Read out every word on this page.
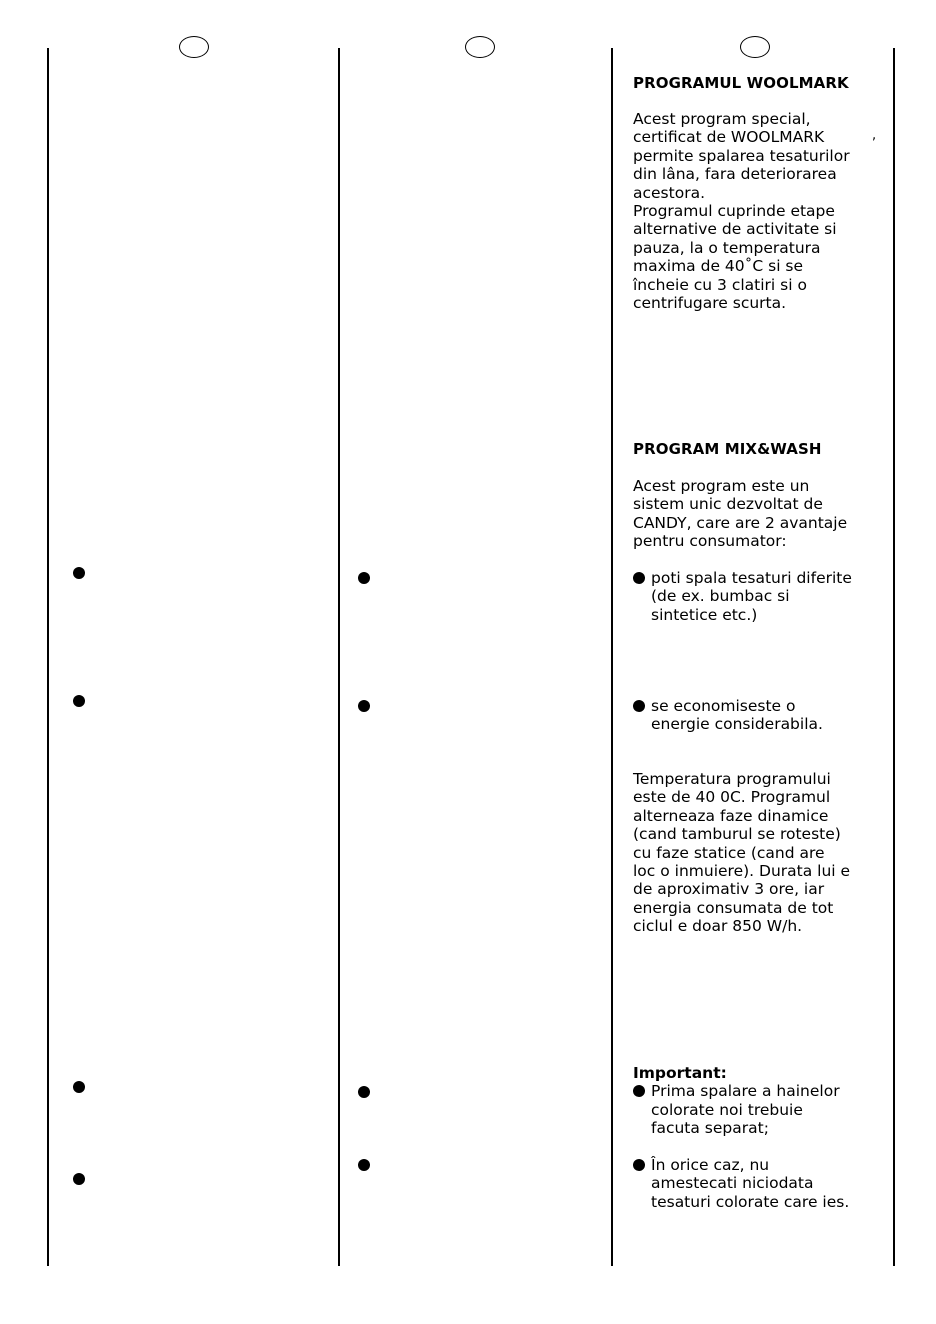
PROGRAMUL WOOLMARK
Acest program special,
certificat de WOOLMARK
permite spalarea tesaturilor
din lâna, fara deteriorarea
acestora.
Programul cuprinde etape
alternative de activitate si
pauza, la o temperatura
maxima de 40˚C si se
încheie cu 3 clatiri si o
centrifugare scurta.
,
PROGRAM MIX&WASH
Acest program este un
sistem unic dezvoltat de
CANDY, care are 2 avantaje
pentru consumator:
poti spala tesaturi diferite
(de ex. bumbac si
sintetice etc.)
se economiseste o
energie considerabila.
Temperatura programului
este de 40 0C. Programul
alterneaza faze dinamice
(cand tamburul se roteste)
cu faze statice (cand are
loc o inmuiere). Durata lui e
de aproximativ 3 ore, iar
energia consumata de tot
ciclul e doar 850 W/h.
Important:
Prima spalare a hainelor
colorate noi trebuie
facuta separat;
În orice caz, nu
amestecati niciodata
tesaturi colorate care ies.
